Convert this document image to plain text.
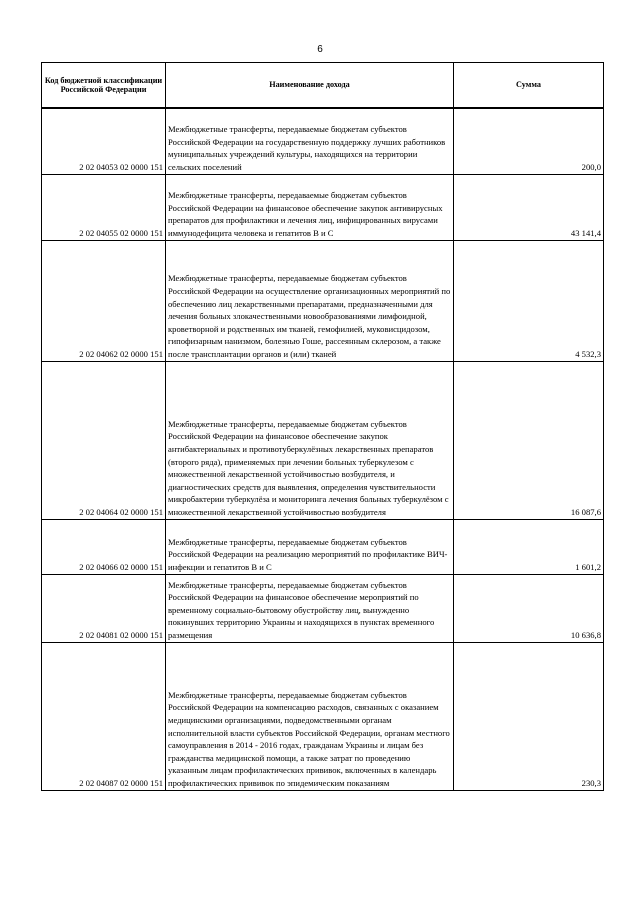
6
Код бюджетной классификации Российской Федерации	Наименование дохода	Сумма
2 02 04053 02 0000 151	Межбюджетные трансферты, передаваемые бюджетам субъектов Российской Федерации на государственную поддержку лучших работников муниципальных учреждений культуры, находящихся на территории сельских поселений	200,0
2 02 04055 02 0000 151	Межбюджетные трансферты, передаваемые бюджетам субъектов Российской Федерации на финансовое обеспечение закупок антивирусных препаратов для профилактики и лечения лиц, инфицированных вирусами иммунодефицита человека и гепатитов В и С	43 141,4
2 02 04062 02 0000 151	Межбюджетные трансферты, передаваемые бюджетам субъектов Российской Федерации на осуществление организационных мероприятий по обеспечению лиц лекарственными препаратами, предназначенными для лечения больных злокачественными новообразованиями лимфоидной, кроветворной и родственных им тканей, гемофилией, муковисцидозом, гипофизарным нанизмом, болезнью Гоше, рассеянным склерозом, а также после трансплантации органов и (или) тканей	4 532,3
2 02 04064 02 0000 151	Межбюджетные трансферты, передаваемые бюджетам субъектов Российской Федерации на финансовое обеспечение закупок антибактериальных и противотуберкулёзных лекарственных препаратов (второго ряда), применяемых при лечении больных туберкулезом с множественной лекарственной устойчивостью возбудителя, и диагностических средств для выявления, определения чувствительности микробактерии туберкулёза и мониторинга лечения больных туберкулёзом с множественной лекарственной устойчивостью возбудителя	16 087,6
2 02 04066 02 0000 151	Межбюджетные трансферты, передаваемые бюджетам субъектов Российской Федерации на реализацию мероприятий по профилактике ВИЧ-инфекции и гепатитов В и С	1 601,2
2 02 04081 02 0000 151	Межбюджетные трансферты, передаваемые бюджетам субъектов Российской Федерации на финансовое обеспечение мероприятий по временному социально-бытовому обустройству лиц, вынужденно покинувших территорию Украины и находящихся в пунктах временного размещения	10 636,8
2 02 04087 02 0000 151	Межбюджетные трансферты, передаваемые бюджетам субъектов Российской Федерации на компенсацию расходов, связанных с оказанием медицинскими организациями, подведомственными органам исполнительной власти субъектов Российской Федерации, органам местного самоуправления в 2014 - 2016 годах, гражданам Украины и лицам без гражданства медицинской помощи, а также затрат по проведению указанным лицам профилактических прививок, включенных в календарь профилактических прививок по эпидемическим показаниям	230,3
